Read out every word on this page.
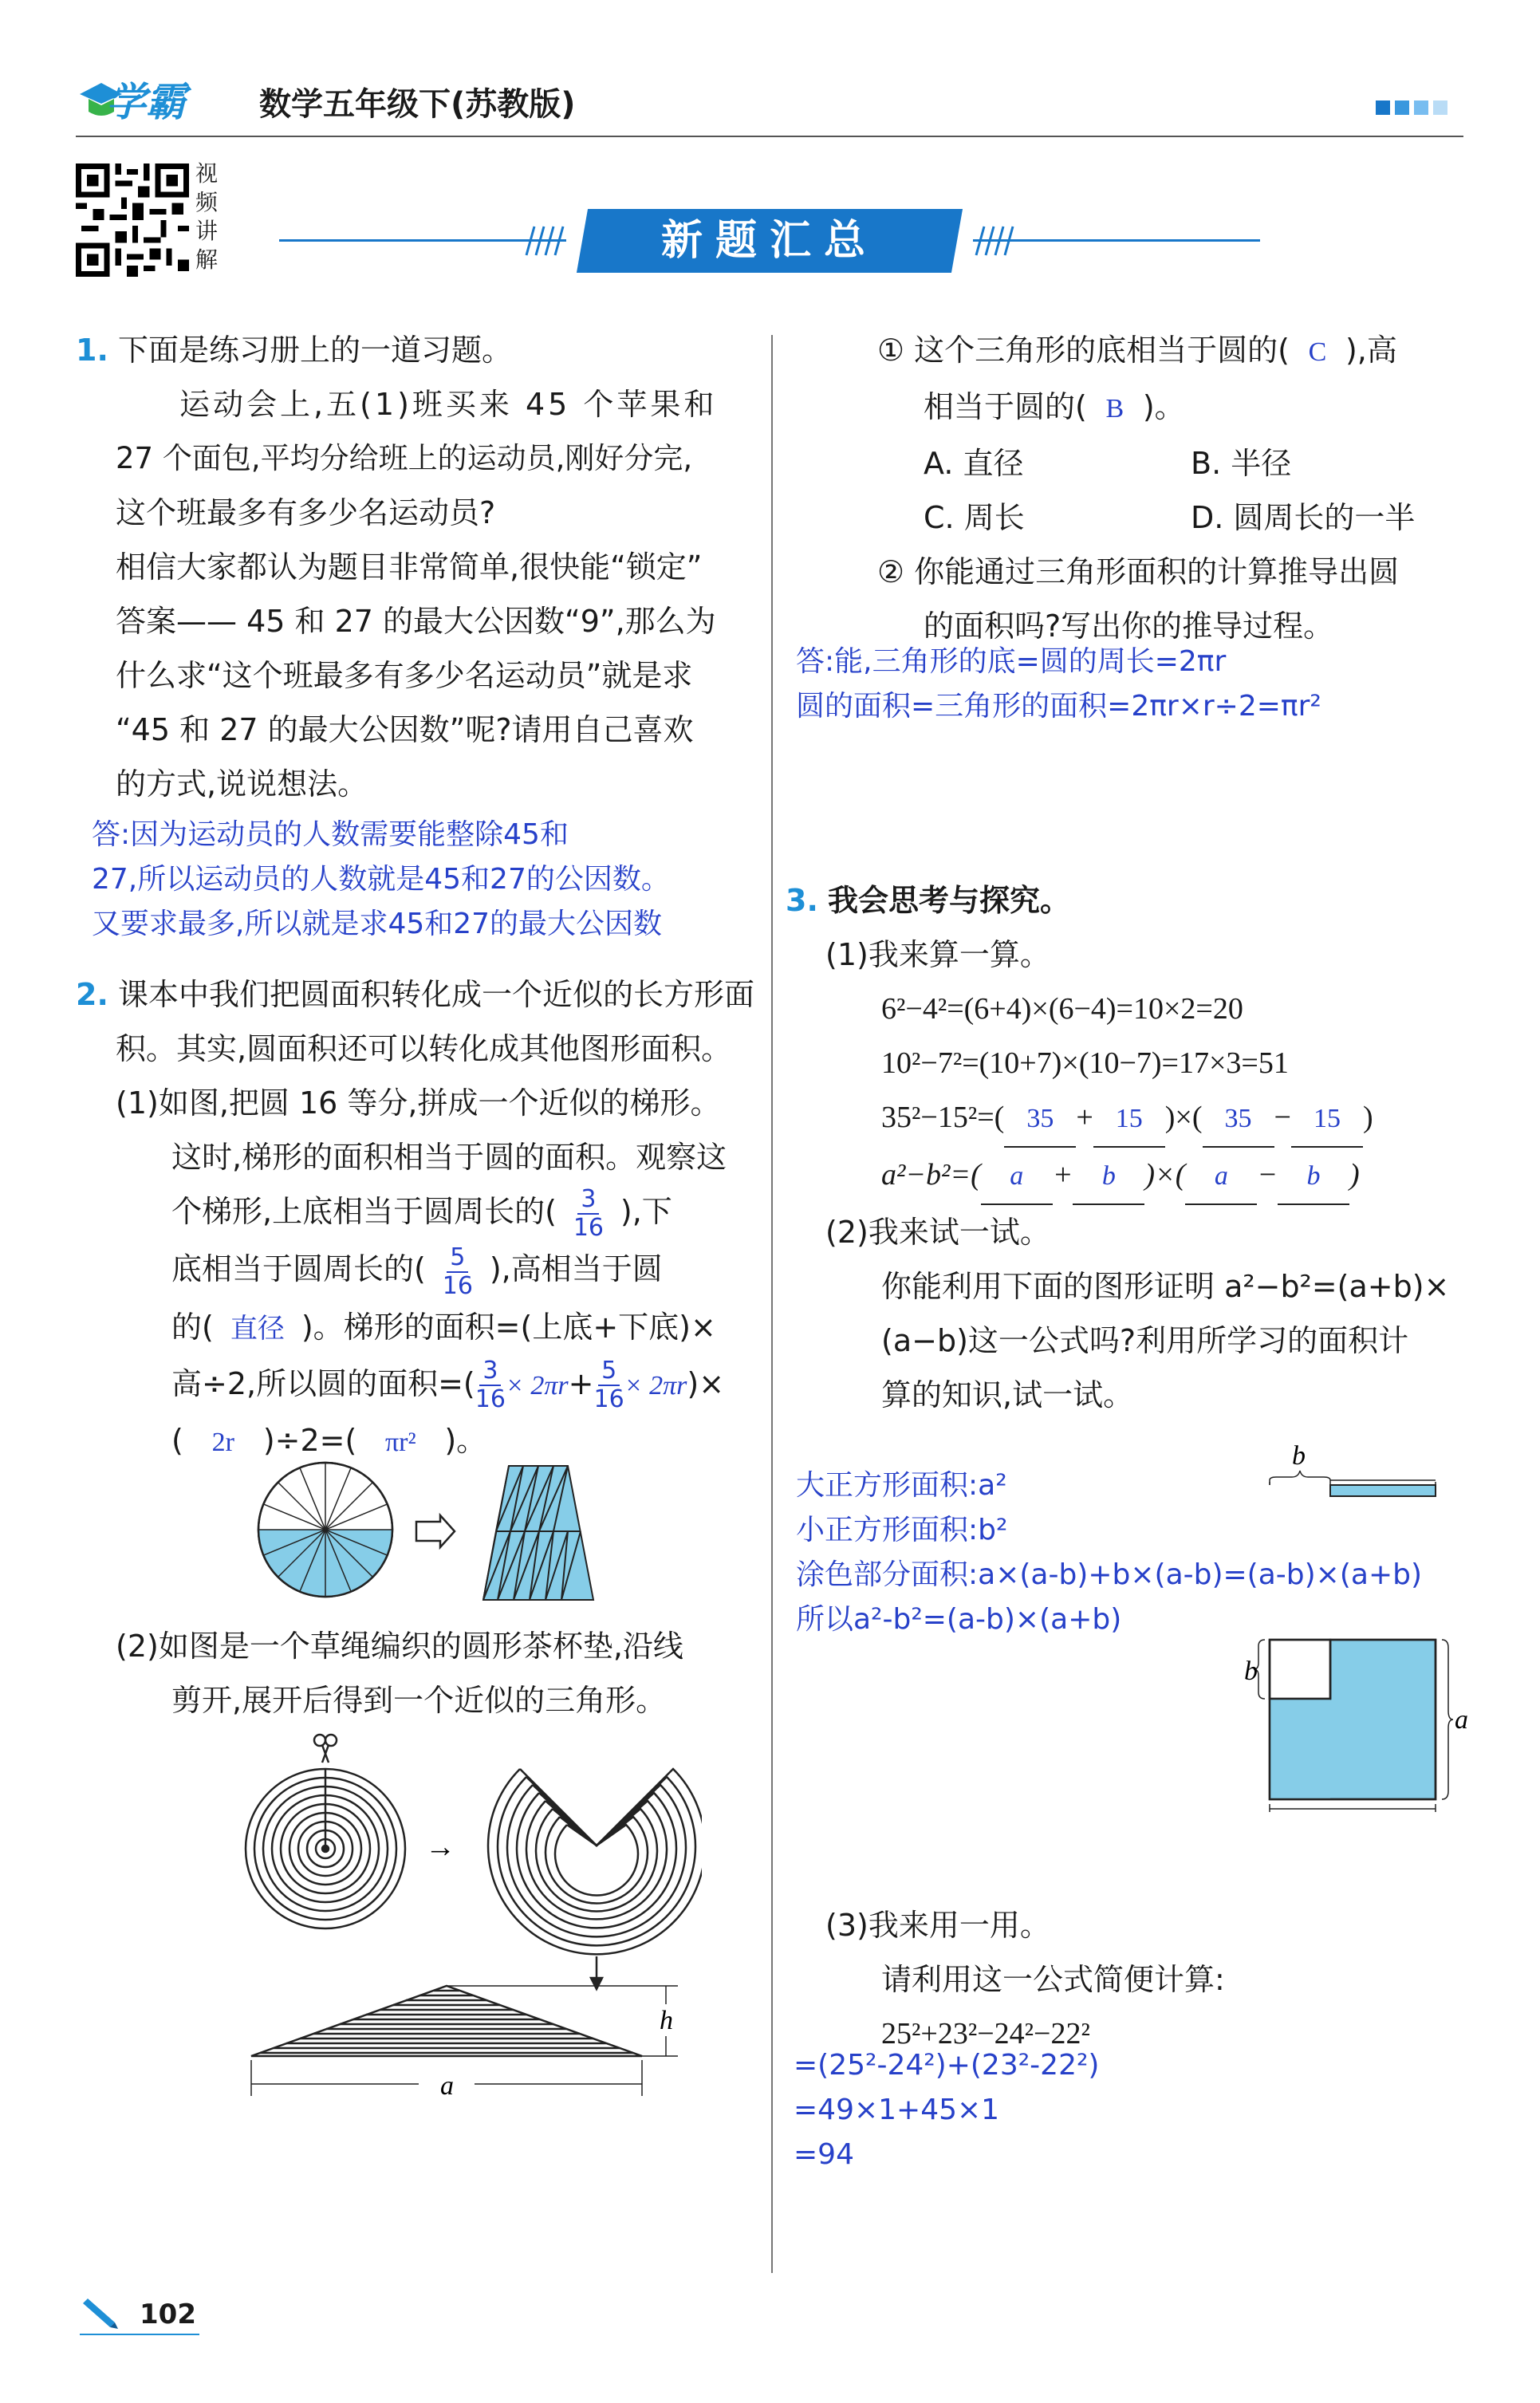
学霸 数学五年级下(苏教版)
视
频
讲
解	新题汇总
1. 下面是练习册上的一道习题。
运动会上,五(1)班买来 45 个苹果和
27 个面包,平均分给班上的运动员,刚好分完,
这个班最多有多少名运动员?
相信大家都认为题目非常简单,很快能“锁定”
答案—— 45 和 27 的最大公因数“9”,那么为
什么求“这个班最多有多少名运动员”就是求
“45 和 27 的最大公因数”呢?请用自己喜欢
的方式,说说想法。
答:因为运动员的人数需要能整除45和
27,所以运动员的人数就是45和27的公因数。
又要求最多,所以就是求45和27的最大公因数
2. 课本中我们把圆面积转化成一个近似的长方形面
积。其实,圆面积还可以转化成其他图形面积。
(1)如图,把圆 16 等分,拼成一个近似的梯形。
这时,梯形的面积相当于圆的面积。观察这
个梯形,上底相当于圆周长的( $\frac{3}{16}$ ),下
底相当于圆周长的( $\frac{5}{16}$ ),高相当于圆
的( 直径 )。梯形的面积=(上底+下底)×
高÷2,所以圆的面积=( $\frac{3}{16} \times 2\pi r+ \frac{5}{16} \times 2\pi r)\times$
( 2r )÷2=( πr² )。
(2)如图是一个草绳编织的圆形茶杯垫,沿线
剪开,展开后得到一个近似的三角形。
→
h
a
① 这个三角形的底相当于圆的( C ),高
相当于圆的( B )。
A. 直径	B. 半径
C. 周长	D. 圆周长的一半
② 你能通过三角形面积的计算推导出圆
的面积吗?写出你的推导过程。
答:能,三角形的底=圆的周长=2πr
圆的面积=三角形的面积=2πr×r÷2=πr²
3. 我会思考与探究。
(1)我来算一算。
6²−4²=(6+4)×(6−4)=10×2=20
10²−7²=(10+7)×(10−7)=17×3=51
35²−15²=( 35 + 15 )×( 35 − 15 )
a²−b²=( a + b )×( a − b )
(2)我来试一试。
你能利用下面的图形证明 a²−b²=(a+b)×
(a−b)这一公式吗?利用所学习的面积计
算的知识,试一试。
大正方形面积:a²
小正方形面积:b²
涂色部分面积:a×(a-b)+b×(a-b)=(a-b)×(a+b)
所以a²-b²=(a-b)×(a+b)
b
b
a
(3)我来用一用。
请利用这一公式简便计算:
25²+23²−24²−22²
=(25²-24²)+(23²-22²)
=49×1+45×1
=94
102
